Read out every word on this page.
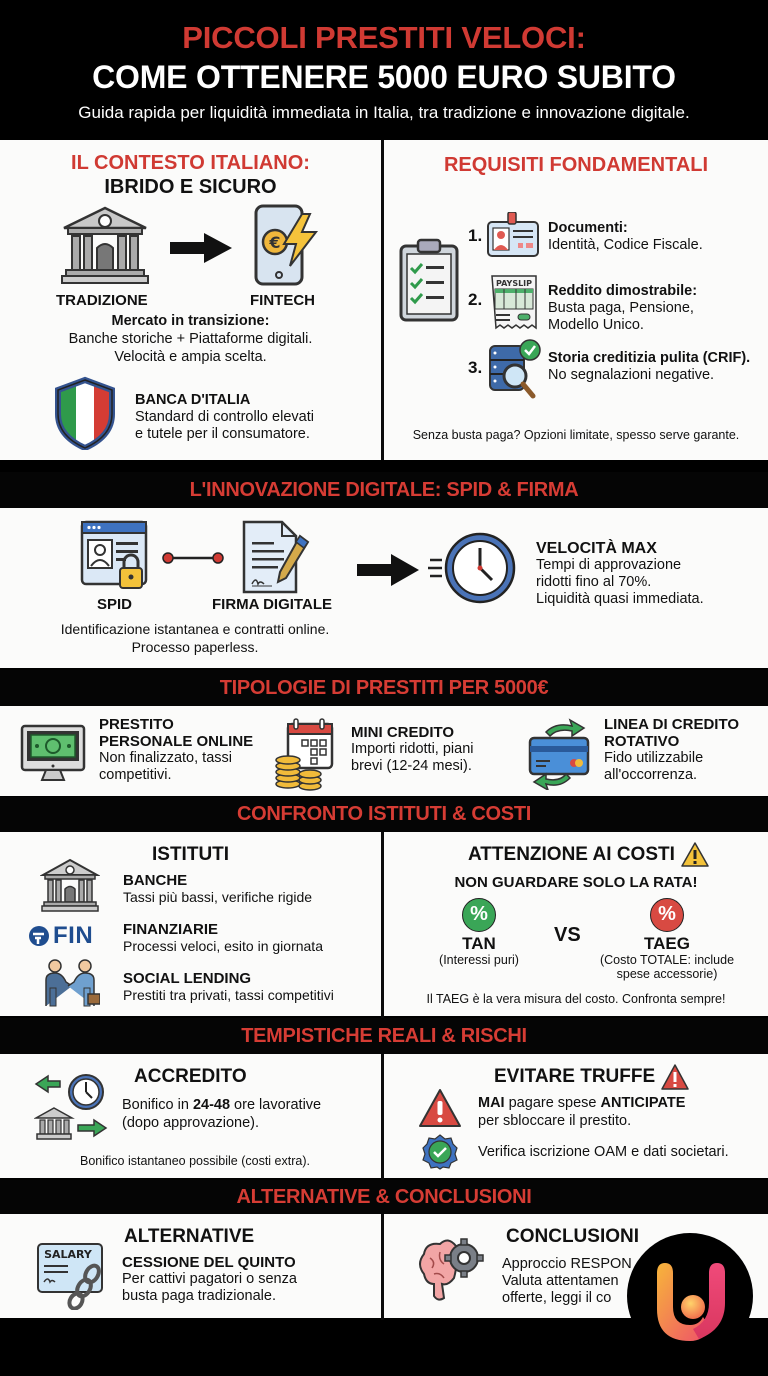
PICCOLI PRESTITI VELOCI:
COME OTTENERE 5000 EURO SUBITO
Guida rapida per liquidità immediata in Italia, tra tradizione e innovazione digitale.
IL CONTESTO ITALIANO:
IBRIDO E SICURO
€
TRADIZIONE	FINTECH
Mercato in transizione:
Banche storiche + Piattaforme digitali.
Velocità e ampia scelta.
BANCA D'ITALIA
Standard di controllo elevati
e tutele per il consumatore.
REQUISITI FONDAMENTALI
1.	Documenti:
Identità, Codice Fiscale.
2.
PAYSLIP Reddito dimostrabile:
Busta paga, Pensione,
Modello Unico.
3.	Storia creditizia pulita (CRIF).
No segnalazioni negative.
Senza busta paga? Opzioni limitate, spesso serve garante.
L'INNOVAZIONE DIGITALE: SPID & FIRMA
SPID	FIRMA DIGITALE
Identificazione istantanea e contratti online.
Processo paperless.
VELOCITÀ MAX
Tempi di approvazione
ridotti fino al 70%.
Liquidità quasi immediata.
TIPOLOGIE DI PRESTITI PER 5000€
PRESTITO
PERSONALE ONLINE
Non finalizzato, tassi
competitivi.
MINI CREDITO
Importi ridotti, piani
brevi (12-24 mesi).
LINEA DI CREDITO
ROTATIVO
Fido utilizzabile
all'occorrenza.
CONFRONTO ISTITUTI & COSTI
ISTITUTI
BANCHE
Tassi più bassi, verifiche rigide
FIN FINANZIARIE
Processi veloci, esito in giornata
SOCIAL LENDING
Prestiti tra privati, tassi competitivi
ATTENZIONE AI COSTI
NON GUARDARE SOLO LA RATA!
%
TAN
(Interessi puri)
VS
%
TAEG
(Costo TOTALE: include
spese accessorie)
Il TAEG è la vera misura del costo. Confronta sempre!
TEMPISTICHE REALI & RISCHI
ACCREDITO
Bonifico in 24-48 ore lavorative
(dopo approvazione).
Bonifico istantaneo possibile (costi extra).
EVITARE TRUFFE
MAI pagare spese ANTICIPATE
per sbloccare il prestito.
Verifica iscrizione OAM e dati societari.
ALTERNATIVE & CONCLUSIONI
SALARY
ALTERNATIVE
CESSIONE DEL QUINTO
Per cattivi pagatori o senza
busta paga tradizionale.
CONCLUSIONI
Approccio RESPON
Valuta attentamen
offerte, leggi il co
